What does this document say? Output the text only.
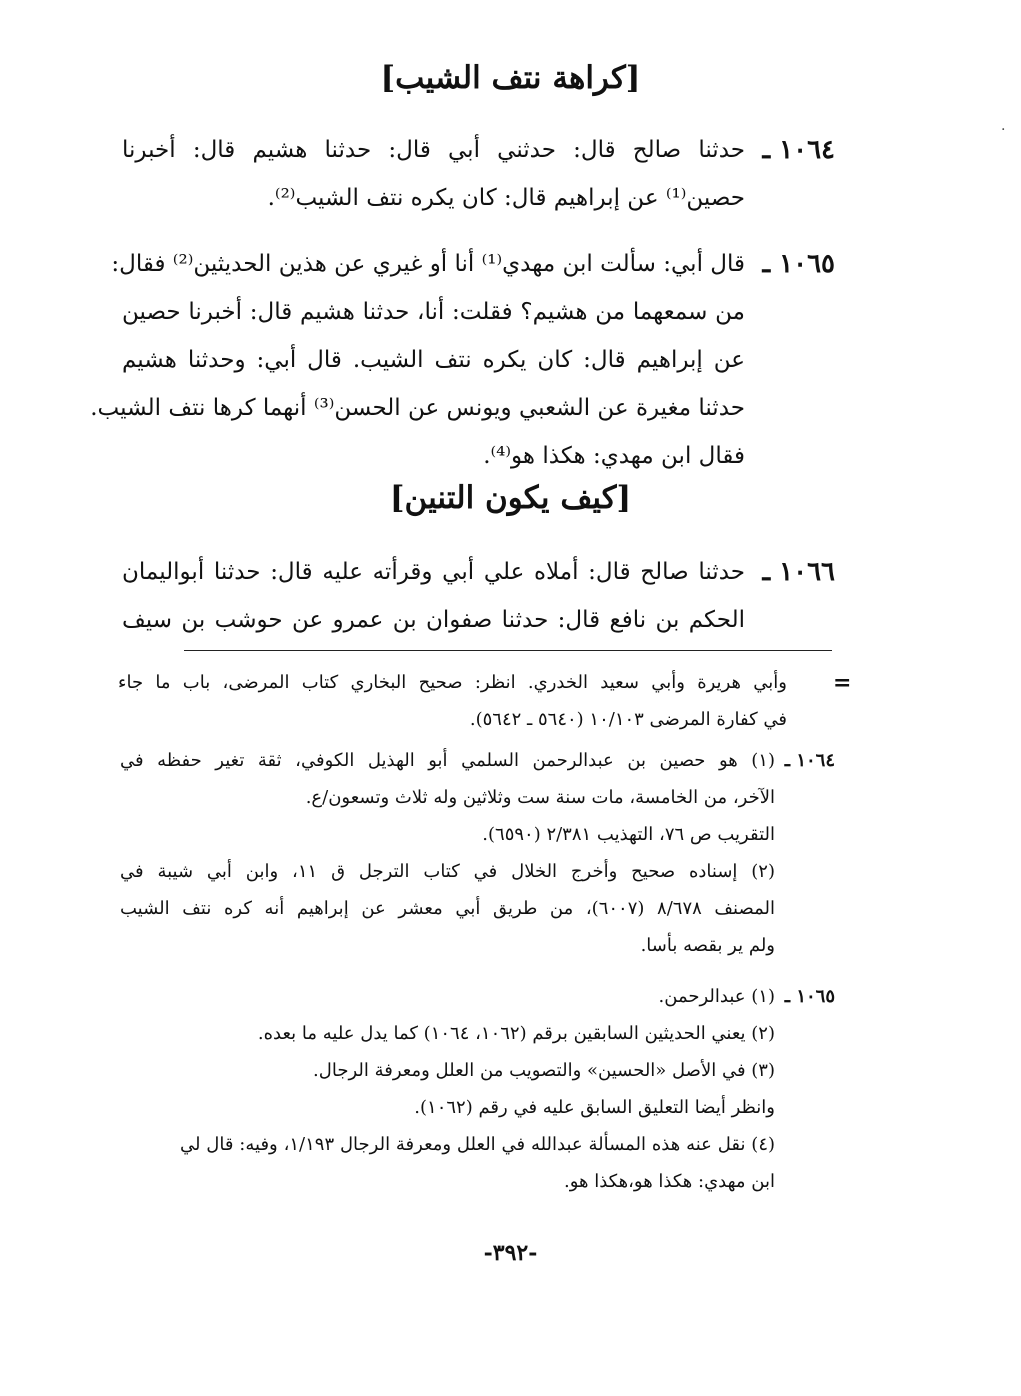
.
[كراهة نتف الشيب]
١٠٦٤ ـ
حدثنا صالح قال: حدثني أبي قال: حدثنا هشيم قال: أخبرنا
حصين⁽¹⁾ عن إبراهيم قال: كان يكره نتف الشيب⁽²⁾.
١٠٦٥ ـ
قال أبي: سألت ابن مهدي⁽¹⁾ أنا أو غيري عن هذين الحديثين⁽²⁾ فقال:
من سمعهما من هشيم؟ فقلت: أنا، حدثنا هشيم قال: أخبرنا حصين
عن إبراهيم قال: كان يكره نتف الشيب. قال أبي: وحدثنا هشيم
حدثنا مغيرة عن الشعبي ويونس عن الحسن⁽³⁾ أنهما كرها نتف الشيب.
فقال ابن مهدي: هكذا هو⁽⁴⁾.
[كيف يكون التنين]
١٠٦٦ ـ
حدثنا صالح قال: أملاه علي أبي وقرأته عليه قال: حدثنا أبواليمان
الحكم بن نافع قال: حدثنا صفوان بن عمرو عن حوشب بن سيف
=
وأبي هريرة وأبي سعيد الخدري. انظر: صحيح البخاري كتاب المرضى، باب ما جاء
في كفارة المرضى ١٠/١٠٣ (٥٦٤٠ ـ ٥٦٤٢).
١٠٦٤ ـ
(١) هو حصين بن عبدالرحمن السلمي أبو الهذيل الكوفي، ثقة تغير حفظه في
الآخر، من الخامسة، مات سنة ست وثلاثين وله ثلاث وتسعون/ع.
التقريب ص ٧٦، التهذيب ٢/٣٨١ (٦٥٩٠).
(٢) إسناده صحيح وأخرج الخلال في كتاب الترجل ق ١١، وابن أبي شيبة في
المصنف ٨/٦٧٨ (٦٠٠٧)، من طريق أبي معشر عن إبراهيم أنه كره نتف الشيب
ولم ير بقصه بأسا.
١٠٦٥ ـ
(١) عبدالرحمن.
(٢) يعني الحديثين السابقين برقم (١٠٦٢، ١٠٦٤) كما يدل عليه ما بعده.
(٣) في الأصل «الحسين» والتصويب من العلل ومعرفة الرجال.
وانظر أيضا التعليق السابق عليه في رقم (١٠٦٢).
(٤) نقل عنه هذه المسألة عبدالله في العلل ومعرفة الرجال ١/١٩٣، وفيه: قال لي
ابن مهدي: هكذا هو،هكذا هو.
-٣٩٢-
